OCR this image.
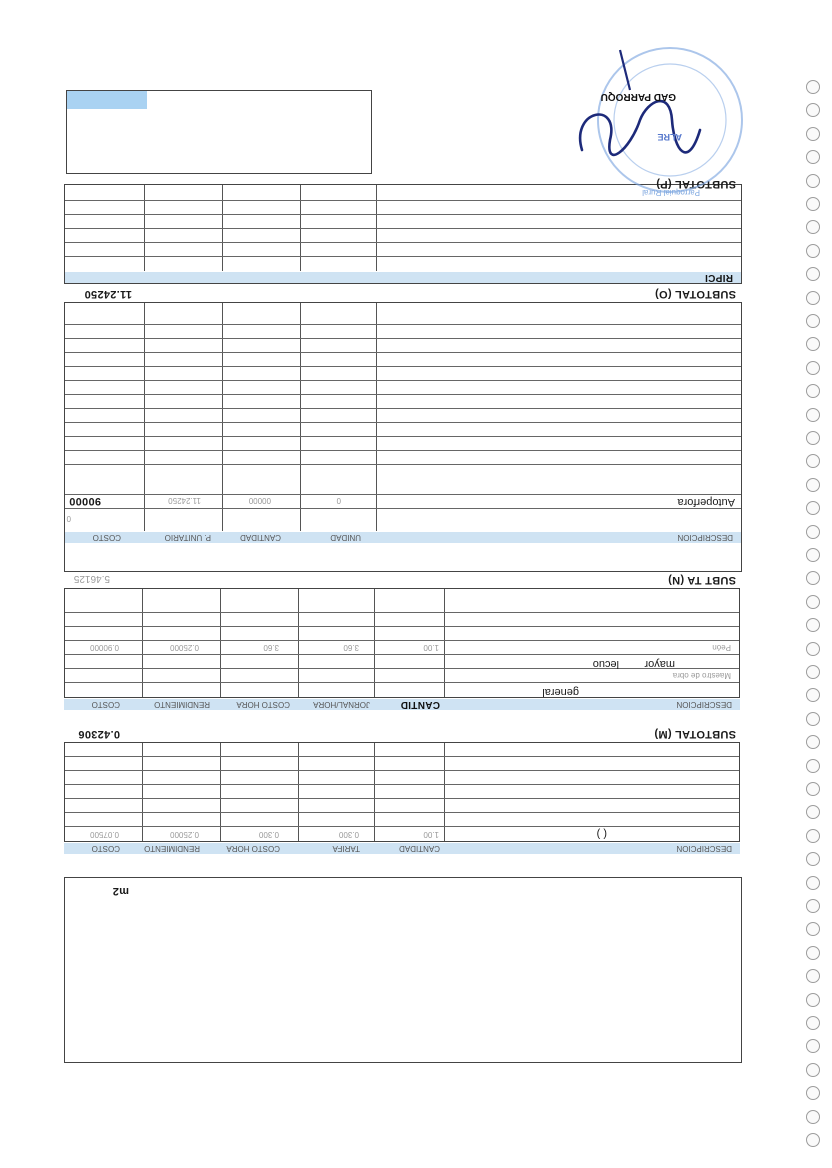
m2
DESCRIPCION
CANTIDAD
TARIFA
COSTO HORA
RENDIMIENTO
COSTO
( )
1.00
0.300
0.300
0.25000
0.07500
SUBTOTAL (M)
0.42306
DESCRIPCION
CANTID
JORNAL/HORA
COSTO HORA
RENDIMIENTO
COSTO
general
mayor
lecuo
Maestro de obra
Peón
1.00
3.60
3.60
0.25000
0.90000
SUBT TA (N)
5.46125
DESCRIPCION
UNIDAD
CANTIDAD
P. UNITARIO
COSTO
0
Autoperfora
0
00000
11.24250
90000
SUBTOTAL (O)
11.24250
RIPCI
SUBTOTAL (P)
GAD PARROQU
ALRE
Parroquial Rural
